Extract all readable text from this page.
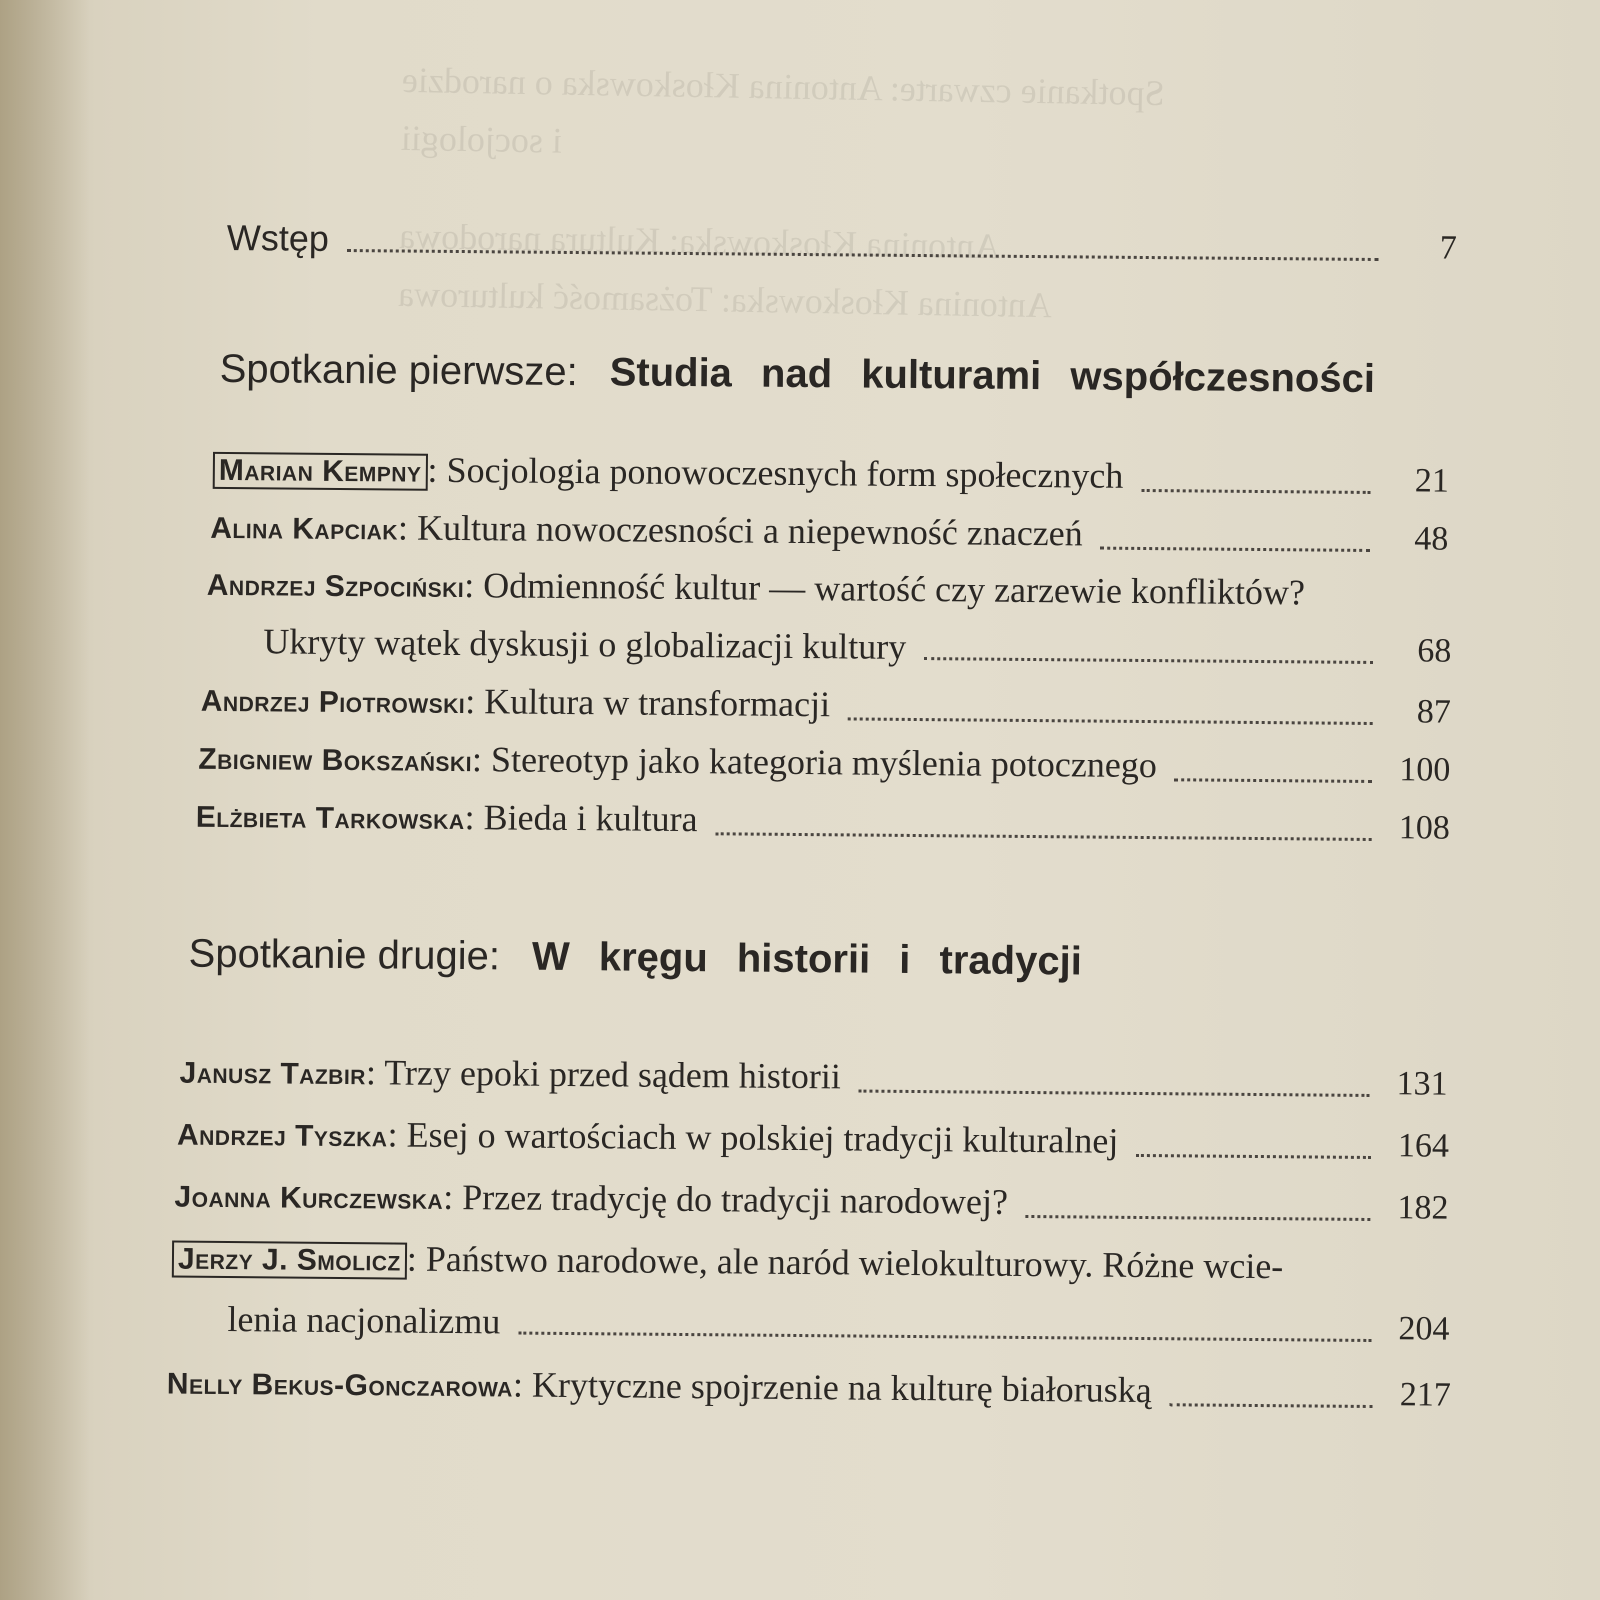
Spotkanie czwarte: Antonina Kłoskowska o narodzie
i socjologii
Antonina Kłoskowska: Kultura narodowa
Antonina Kłoskowska: Tożsamość kulturowa
Wstęp	7
Spotkanie pierwsze: Studia nad kulturami współczesności
Marian Kempny : Socjologia ponowoczesnych form społecznych	21
Alina Kapciak: Kultura nowoczesności a niepewność znaczeń	48
Andrzej Szpociński: Odmienność kultur — wartość czy zarzewie konfliktów?
Ukryty wątek dyskusji o globalizacji kultury	68
Andrzej Piotrowski: Kultura w transformacji	87
Zbigniew Bokszański: Stereotyp jako kategoria myślenia potocznego	100
Elżbieta Tarkowska: Bieda i kultura	108
Spotkanie drugie: W kręgu historii i tradycji
Janusz Tazbir: Trzy epoki przed sądem historii	131
Andrzej Tyszka: Esej o wartościach w polskiej tradycji kulturalnej	164
Joanna Kurczewska: Przez tradycję do tradycji narodowej?	182
Jerzy J. Smolicz : Państwo narodowe, ale naród wielokulturowy. Różne wcie-
lenia nacjonalizmu	204
Nelly Bekus-Gonczarowa: Krytyczne spojrzenie na kulturę białoruską	217
